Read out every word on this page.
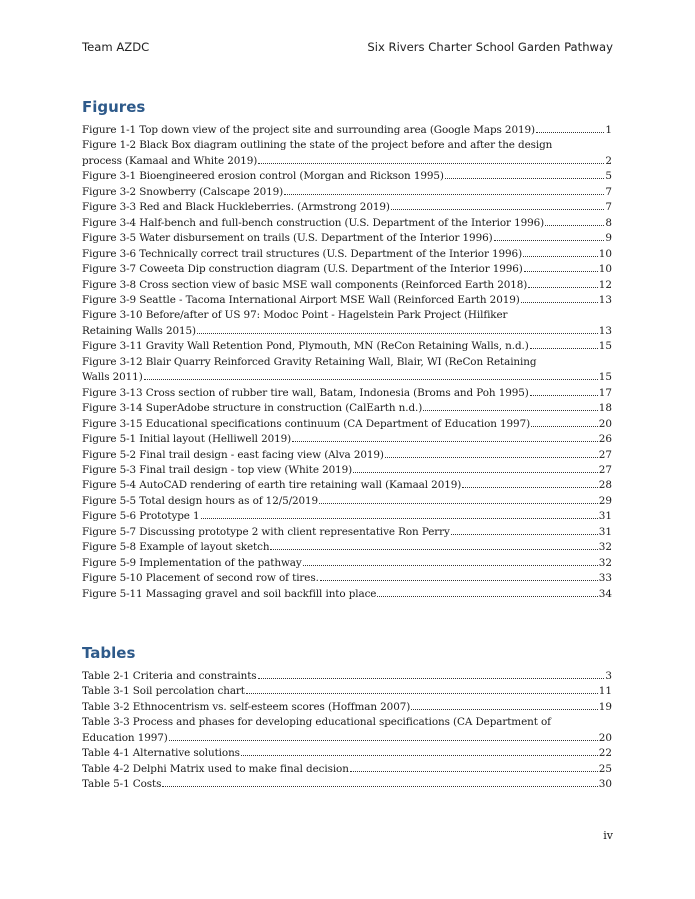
Team AZDC	Six Rivers Charter School Garden Pathway
Figures
Figure 1-1 Top down view of the project site and surrounding area (Google Maps 2019)	1
Figure 1-2 Black Box diagram outlining the state of the project before and after the design
process (Kamaal and White 2019)	2
Figure 3-1 Bioengineered erosion control (Morgan and Rickson 1995)	5
Figure 3-2 Snowberry (Calscape 2019)	7
Figure 3-3 Red and Black Huckleberries. (Armstrong 2019)	7
Figure 3-4 Half-bench and full-bench construction (U.S. Department of the Interior 1996)	8
Figure 3-5 Water disbursement on trails (U.S. Department of the Interior 1996)	9
Figure 3-6 Technically correct trail structures (U.S. Department of the Interior 1996)	10
Figure 3-7 Coweeta Dip construction diagram (U.S. Department of the Interior 1996)	10
Figure 3-8 Cross section view of basic MSE wall components (Reinforced Earth 2018)	12
Figure 3-9 Seattle - Tacoma International Airport MSE Wall (Reinforced Earth 2019)	13
Figure 3-10 Before/after of US 97: Modoc Point - Hagelstein Park Project (Hilfiker
Retaining Walls 2015)	13
Figure 3-11 Gravity Wall Retention Pond, Plymouth, MN (ReCon Retaining Walls, n.d.)	15
Figure 3-12 Blair Quarry Reinforced Gravity Retaining Wall, Blair, WI (ReCon Retaining
Walls 2011)	15
Figure 3-13 Cross section of rubber tire wall, Batam, Indonesia (Broms and Poh 1995)	17
Figure 3-14 SuperAdobe structure in construction (CalEarth n.d.)	18
Figure 3-15 Educational specifications continuum (CA Department of Education 1997)	20
Figure 5-1 Initial layout (Helliwell 2019)	26
Figure 5-2 Final trail design - east facing view (Alva 2019)	27
Figure 5-3 Final trail design - top view (White 2019)	27
Figure 5-4 AutoCAD rendering of earth tire retaining wall (Kamaal 2019)	28
Figure 5-5 Total design hours as of 12/5/2019	29
Figure 5-6 Prototype 1	31
Figure 5-7 Discussing prototype 2 with client representative Ron Perry	31
Figure 5-8 Example of layout sketch	32
Figure 5-9 Implementation of the pathway	32
Figure 5-10 Placement of second row of tires.	33
Figure 5-11 Massaging gravel and soil backfill into place	34
Tables
Table 2-1 Criteria and constraints	3
Table 3-1 Soil percolation chart	11
Table 3-2 Ethnocentrism vs. self-esteem scores (Hoffman 2007)	19
Table 3-3 Process and phases for developing educational specifications (CA Department of
Education 1997)	20
Table 4-1 Alternative solutions	22
Table 4-2 Delphi Matrix used to make final decision	25
Table 5-1 Costs	30
iv
